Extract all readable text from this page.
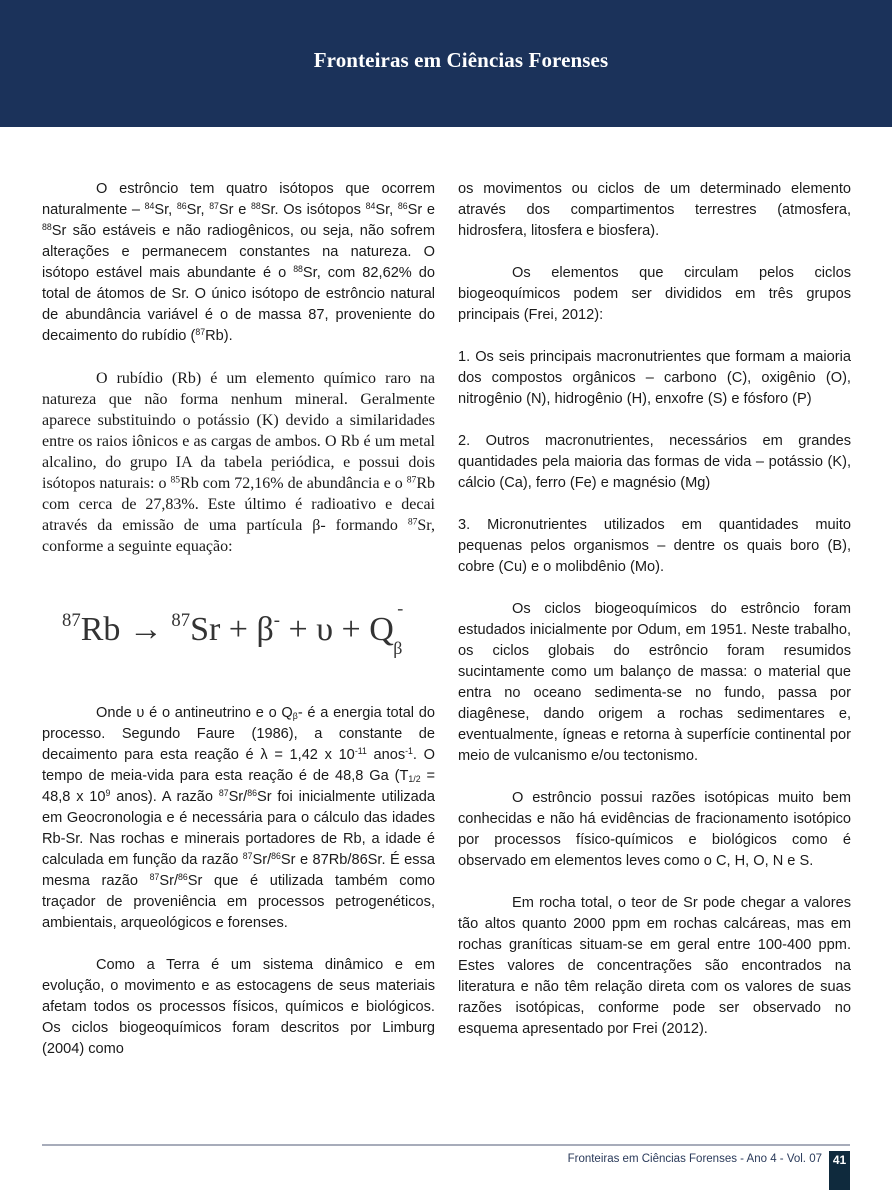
Fronteiras em Ciências Forenses

O estrôncio tem quatro isótopos que ocorrem naturalmente – $^{84}$Sr, $^{86}$Sr, $^{87}$Sr e $^{88}$Sr. Os isótopos $^{84}$Sr, $^{86}$Sr e $^{88}$Sr são estáveis e não radiogênicos, ou seja, não sofrem alterações e permanecem constantes na natureza. O isótopo estável mais abundante é o $^{88}$Sr, com 82,62% do total de átomos de Sr. O único isótopo de estrôncio natural de abundância variável é o de massa 87, proveniente do decaimento do rubídio ($^{87}$Rb).

O rubídio (Rb) é um elemento químico raro na natureza que não forma nenhum mineral. Geralmente aparece substituindo o potássio (K) devido a similaridades entre os raios iônicos e as cargas de ambos. O Rb é um metal alcalino, do grupo IA da tabela periódica, e possui dois isótopos naturais: o $^{85}$Rb com 72,16% de abundância e o $^{87}$Rb com cerca de 27,83%. Este último é radioativo e decai através da emissão de uma partícula β- formando $^{87}$Sr, conforme a seguinte equação:

$^{87}$Rb → $^{87}$Sr + β- + υ + Q
-
β

Onde υ é o antineutrino e o $Q_\beta-$ é a energia total do processo. Segundo Faure (1986), a constante de decaimento para esta reação é λ = 1,42 x $10^{-11}$ anos$^{-1}$. O tempo de meia-vida para esta reação é de 48,8 Ga ($T_{1/2} = 48,8$ x $10^9$ anos). A razão $^{87}$Sr/$^{86}$Sr foi inicialmente utilizada em Geocronologia e é necessária para o cálculo das idades Rb-Sr. Nas rochas e minerais portadores de Rb, a idade é calculada em função da razão $^{87}$Sr/$^{86}$Sr e 87Rb/86Sr. É essa mesma razão $^{87}$Sr/$^{86}$Sr que é utilizada também como traçador de proveniência em processos petrogenéticos, ambientais, arqueológicos e forenses.

Como a Terra é um sistema dinâmico e em evolução, o movimento e as estocagens de seus materiais afetam todos os processos físicos, químicos e biológicos. Os ciclos biogeoquímicos foram descritos por Limburg (2004) como

os movimentos ou ciclos de um determinado elemento através dos compartimentos terrestres (atmosfera, hidrosfera, litosfera e biosfera).

Os elementos que circulam pelos ciclos biogeoquímicos podem ser divididos em três grupos principais (Frei, 2012):

1. Os seis principais macronutrientes que formam a maioria dos compostos orgânicos – carbono (C), oxigênio (O), nitrogênio (N), hidrogênio (H), enxofre (S) e fósforo (P)
2. Outros macronutrientes, necessários em grandes quantidades pela maioria das formas de vida – potássio (K), cálcio (Ca), ferro (Fe) e magnésio (Mg)
3. Micronutrientes utilizados em quantidades muito pequenas pelos organismos – dentre os quais boro (B), cobre (Cu) e o molibdênio (Mo).

Os ciclos biogeoquímicos do estrôncio foram estudados inicialmente por Odum, em 1951. Neste trabalho, os ciclos globais do estrôncio foram resumidos sucintamente como um balanço de massa: o material que entra no oceano sedimenta-se no fundo, passa por diagênese, dando origem a rochas sedimentares e, eventualmente, ígneas e retorna à superfície continental por meio de vulcanismo e/ou tectonismo.

O estrôncio possui razões isotópicas muito bem conhecidas e não há evidências de fracionamento isotópico por processos físico-químicos e biológicos como é observado em elementos leves como o C, H, O, N e S.

Em rocha total, o teor de Sr pode chegar a valores tão altos quanto 2000 ppm em rochas calcáreas, mas em rochas graníticas situam-se em geral entre 100-400 ppm. Estes valores de concentrações são encontrados na literatura e não têm relação direta com os valores de suas razões isotópicas, conforme pode ser observado no esquema apresentado por Frei (2012).

Fronteiras em Ciências Forenses - Ano 4 - Vol. 07 41
